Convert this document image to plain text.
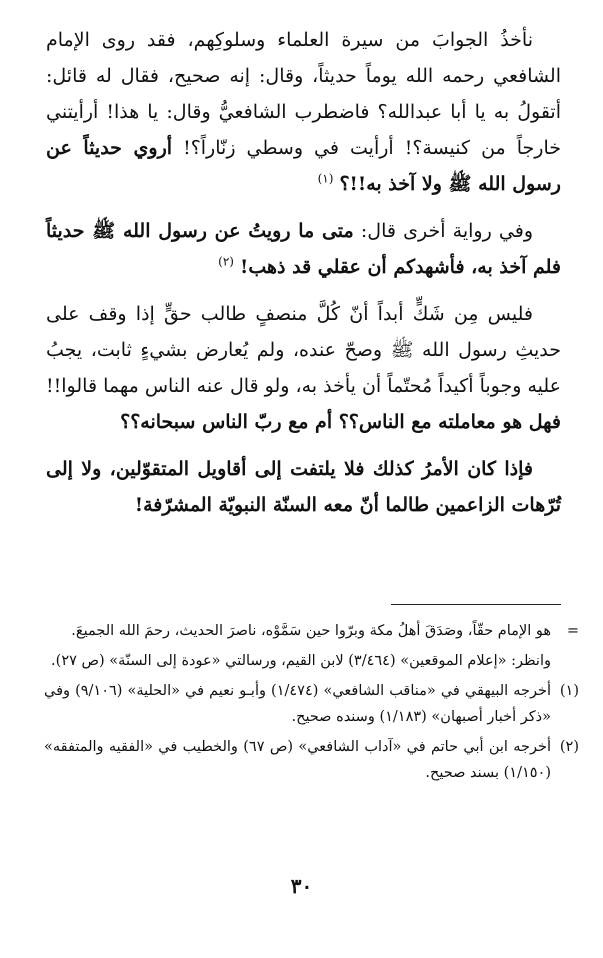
نأخذُ الجوابَ من سيرة العلماء وسلوكِهم، فقد روى الإمام الشافعي رحمه الله يوماً حديثاً، وقال: إنه صحيح، فقال له قائل: أتقولُ به يا أبا عبدالله؟ فاضطرب الشافعيُّ وقال: يا هذا! أرأيتني خارجاً من كنيسة؟! أرأيت في وسطي زنّاراً؟! أروي حديثاً عن رسول الله ﷺ ولا آخذ به!!؟ $^{(١)}$

وفي رواية أخرى قال: متى ما رويتُ عن رسول الله ﷺ حديثاً فلم آخذ به، فأشهدكم أن عقلي قد ذهب! $^{(٢)}$

فليس مِن شَكٍّ أبداً أنّ كُلَّ منصفٍ طالب حقٍّ إذا وقف على حديثِ رسول الله ﷺ وصحّ عنده، ولم يُعارض بشيءٍ ثابت، يجبُ عليه وجوباً أكيداً مُحتّماً أن يأخذ به، ولو قال عنه الناس مهما قالوا!! فهل هو معاملته مع الناس؟؟ أم مع ربّ الناس سبحانه؟؟

فإذا كان الأمرُ كذلك فلا يلتفت إلى أقاويل المتقوّلين، ولا إلى تُرّهات الزاعمين طالما أنّ معه السنّة النبويّة المشرّفة!

=
هو الإمام حقّاً، وصَدَقَ أهلُ مكة وبرّوا حين سَمَّوْه، ناصرَ الحديث، رحمَ الله الجميعَ.
وانظر: «إعلام الموقعين» (٣/٤٦٤) لابن القيم، ورسالتي «عودة إلى السنّة» (ص ٢٧).
(١)
أخرجه البيهقي في «مناقب الشافعي» (١/٤٧٤) وأبـو نعيم في «الحلية» (٩/١٠٦) وفي «ذكر أخبار أصبهان» (١/١٨٣) وسنده صحيح.
(٢)
أخرجه ابن أبي حاتم في «آداب الشافعي» (ص ٦٧) والخطيب في «الفقيه والمتفقه» (١/١٥٠) بسند صحيح.
٣٠
